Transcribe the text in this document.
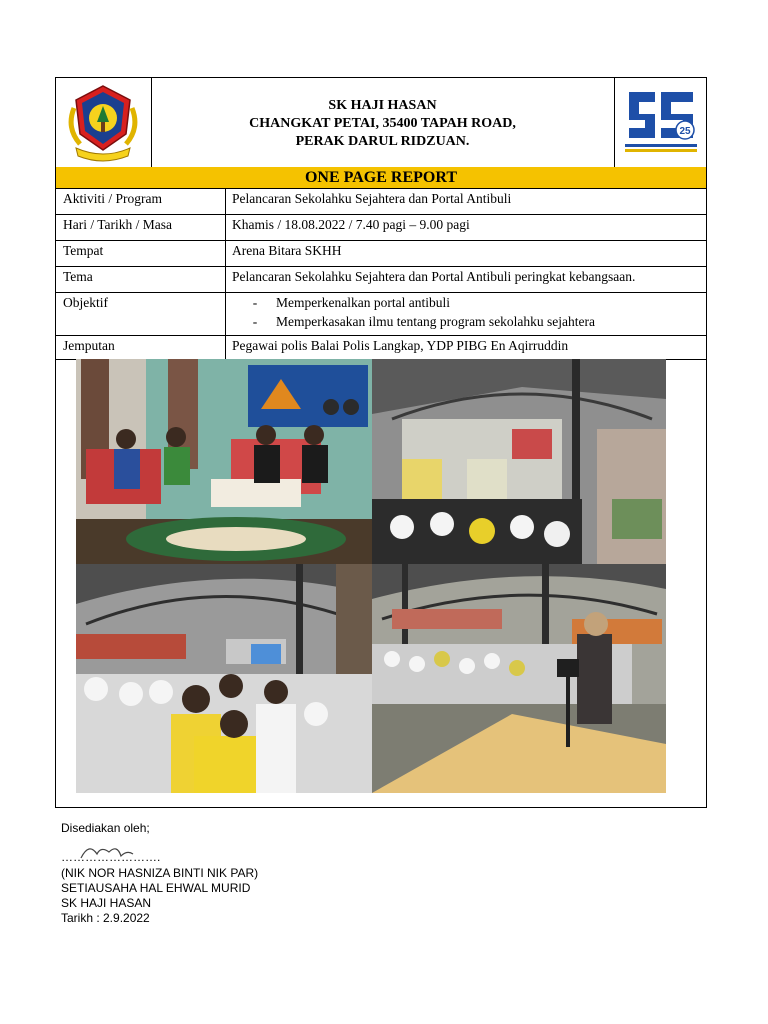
SK HAJI HASAN
CHANGKAT PETAI, 35400 TAPAH ROAD,
PERAK DARUL RIDZUAN.
25
ONE PAGE REPORT
Aktiviti / Program	Pelancaran Sekolahku Sejahtera dan Portal Antibuli
Hari / Tarikh / Masa	Khamis / 18.08.2022 / 7.40 pagi – 9.00 pagi
Tempat	Arena Bitara SKHH
Tema	Pelancaran Sekolahku Sejahtera dan Portal Antibuli peringkat kebangsaan.
Objektif	-	Memperkenalkan portal antibuli
-	Memperkasakan ilmu tentang program sekolahku sejahtera
Jemputan	Pegawai polis Balai Polis Langkap, YDP PIBG En Aqirruddin
Disediakan oleh;
…………………….
(NIK NOR HASNIZA BINTI NIK PAR)
SETIAUSAHA HAL EHWAL MURID
SK HAJI HASAN
Tarikh : 2.9.2022
